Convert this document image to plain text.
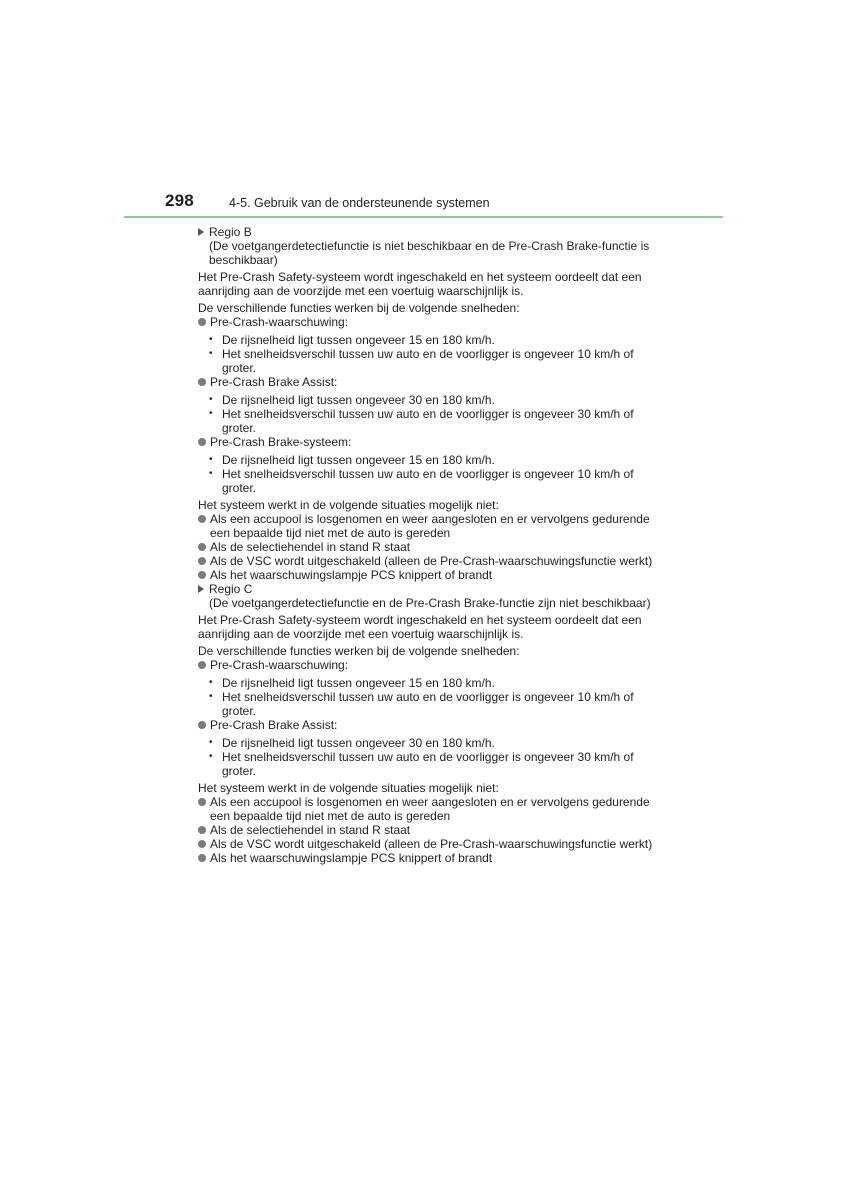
298	4-5. Gebruik van de ondersteunende systemen

Regio B

(De voetgangerdetectiefunctie is niet beschikbaar en de Pre-Crash Brake-functie is beschikbaar)

Het Pre-Crash Safety-systeem wordt ingeschakeld en het systeem oordeelt dat een aanrijding aan de voorzijde met een voertuig waarschijnlijk is.

De verschillende functies werken bij de volgende snelheden:

Pre-Crash-waarschuwing:

• De rijsnelheid ligt tussen ongeveer 15 en 180 km/h.

• Het snelheidsverschil tussen uw auto en de voorligger is ongeveer 10 km/h of groter.

Pre-Crash Brake Assist:

• De rijsnelheid ligt tussen ongeveer 30 en 180 km/h.

• Het snelheidsverschil tussen uw auto en de voorligger is ongeveer 30 km/h of groter.

Pre-Crash Brake-systeem:

• De rijsnelheid ligt tussen ongeveer 15 en 180 km/h.

• Het snelheidsverschil tussen uw auto en de voorligger is ongeveer 10 km/h of groter.

Het systeem werkt in de volgende situaties mogelijk niet:

Als een accupool is losgenomen en weer aangesloten en er vervolgens gedurende een bepaalde tijd niet met de auto is gereden

Als de selectiehendel in stand R staat

Als de VSC wordt uitgeschakeld (alleen de Pre-Crash-waarschuwingsfunctie werkt)

Als het waarschuwingslampje PCS knippert of brandt

Regio C

(De voetgangerdetectiefunctie en de Pre-Crash Brake-functie zijn niet beschikbaar)

Het Pre-Crash Safety-systeem wordt ingeschakeld en het systeem oordeelt dat een aanrijding aan de voorzijde met een voertuig waarschijnlijk is.

De verschillende functies werken bij de volgende snelheden:

Pre-Crash-waarschuwing:

• De rijsnelheid ligt tussen ongeveer 15 en 180 km/h.

• Het snelheidsverschil tussen uw auto en de voorligger is ongeveer 10 km/h of groter.

Pre-Crash Brake Assist:

• De rijsnelheid ligt tussen ongeveer 30 en 180 km/h.

• Het snelheidsverschil tussen uw auto en de voorligger is ongeveer 30 km/h of groter.

Het systeem werkt in de volgende situaties mogelijk niet:

Als een accupool is losgenomen en weer aangesloten en er vervolgens gedurende een bepaalde tijd niet met de auto is gereden

Als de selectiehendel in stand R staat

Als de VSC wordt uitgeschakeld (alleen de Pre-Crash-waarschuwingsfunctie werkt)

Als het waarschuwingslampje PCS knippert of brandt
